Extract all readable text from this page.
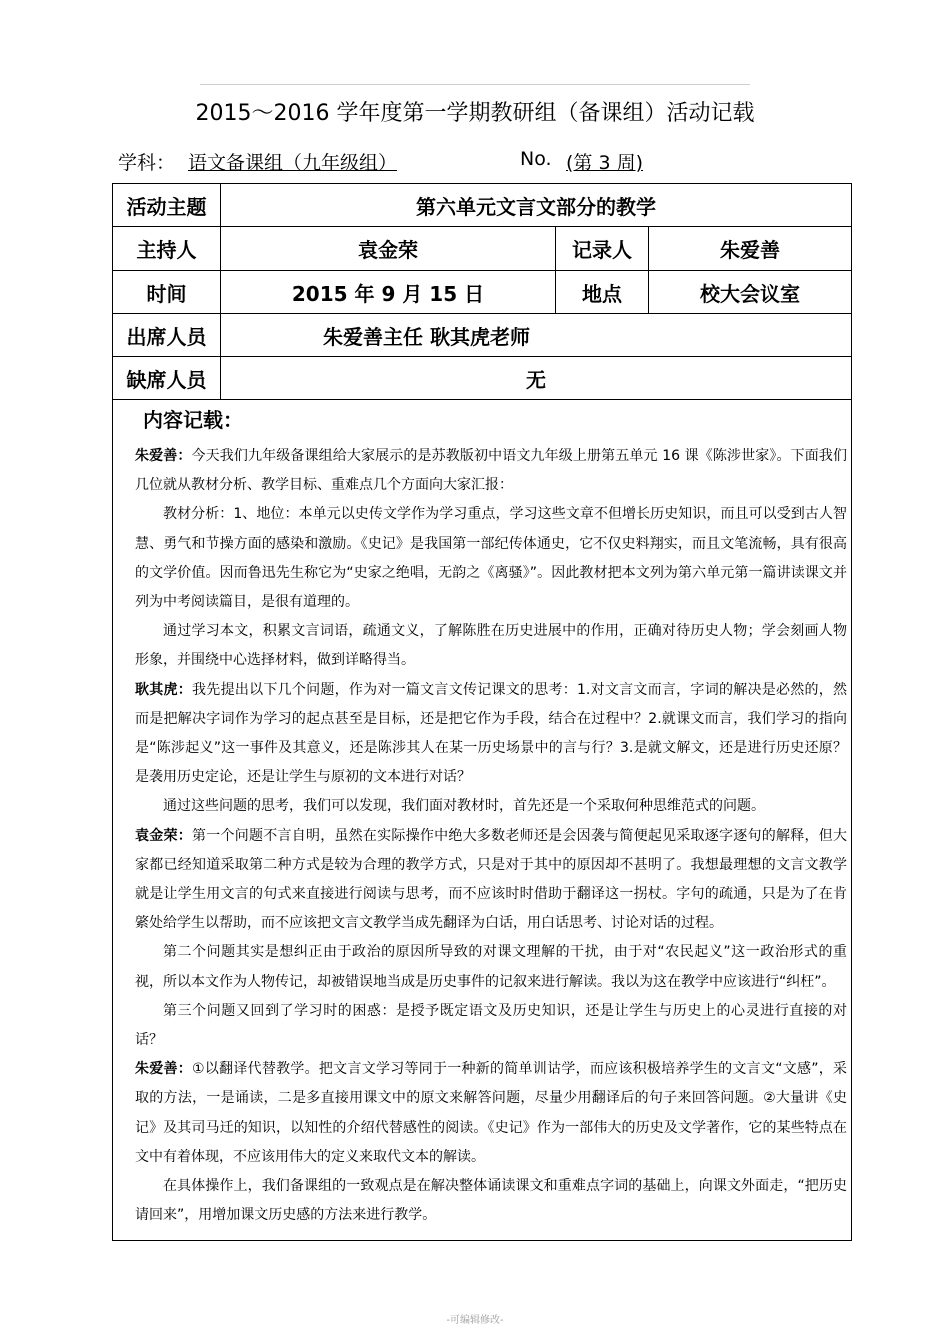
2015～2016 学年度第一学期教研组（备课组）活动记载
学科： 语文备课组（九年级组）	No. (第 3 周)
活动主题	第六单元文言文部分的教学
主持人	袁金荣	记录人	朱爱善
时间	2015 年 9 月 15 日	地点	校大会议室
出席人员	朱爱善主任 耿其虎老师
缺席人员	无
内容记载：

朱爱善：今天我们九年级备课组给大家展示的是苏教版初中语文九年级上册第五单元 16 课《陈涉世家》。下面我们几位就从教材分析、教学目标、重难点几个方面向大家汇报：

教材分析：1、地位：本单元以史传文学作为学习重点，学习这些文章不但增长历史知识，而且可以受到古人智慧、勇气和节操方面的感染和激励。《史记》是我国第一部纪传体通史，它不仅史料翔实，而且文笔流畅，具有很高的文学价值。因而鲁迅先生称它为“史家之绝唱，无韵之《离骚》”。因此教材把本文列为第六单元第一篇讲读课文并列为中考阅读篇目，是很有道理的。

通过学习本文，积累文言词语，疏通文义，了解陈胜在历史进展中的作用，正确对待历史人物；学会刻画人物形象，并围绕中心选择材料，做到详略得当。

耿其虎：我先提出以下几个问题，作为对一篇文言文传记课文的思考：1.对文言文而言，字词的解决是必然的，然而是把解决字词作为学习的起点甚至是目标，还是把它作为手段，结合在过程中？2.就课文而言，我们学习的指向是“陈涉起义”这一事件及其意义，还是陈涉其人在某一历史场景中的言与行？3.是就文解文，还是进行历史还原？是袭用历史定论，还是让学生与原初的文本进行对话？

通过这些问题的思考，我们可以发现，我们面对教材时，首先还是一个采取何种思维范式的问题。

袁金荣：第一个问题不言自明，虽然在实际操作中绝大多数老师还是会因袭与简便起见采取逐字逐句的解释，但大家都已经知道采取第二种方式是较为合理的教学方式，只是对于其中的原因却不甚明了。我想最理想的文言文教学就是让学生用文言的句式来直接进行阅读与思考，而不应该时时借助于翻译这一拐杖。字句的疏通，只是为了在肯綮处给学生以帮助，而不应该把文言文教学当成先翻译为白话，用白话思考、讨论对话的过程。

第二个问题其实是想纠正由于政治的原因所导致的对课文理解的干扰，由于对“农民起义”这一政治形式的重视，所以本文作为人物传记，却被错误地当成是历史事件的记叙来进行解读。我以为这在教学中应该进行“纠枉”。

第三个问题又回到了学习时的困惑：是授予既定语文及历史知识，还是让学生与历史上的心灵进行直接的对话？

朱爱善：①以翻译代替教学。把文言文学习等同于一种新的简单训诂学，而应该积极培养学生的文言文“文感”，采取的方法，一是诵读，二是多直接用课文中的原文来解答问题，尽量少用翻译后的句子来回答问题。②大量讲《史记》及其司马迁的知识，以知性的介绍代替感性的阅读。《史记》作为一部伟大的历史及文学著作，它的某些特点在文中有着体现，不应该用伟大的定义来取代文本的解读。

在具体操作上，我们备课组的一致观点是在解决整体诵读课文和重难点字词的基础上，向课文外面走，“把历史请回来”，用增加课文历史感的方法来进行教学。

-可编辑修改-
